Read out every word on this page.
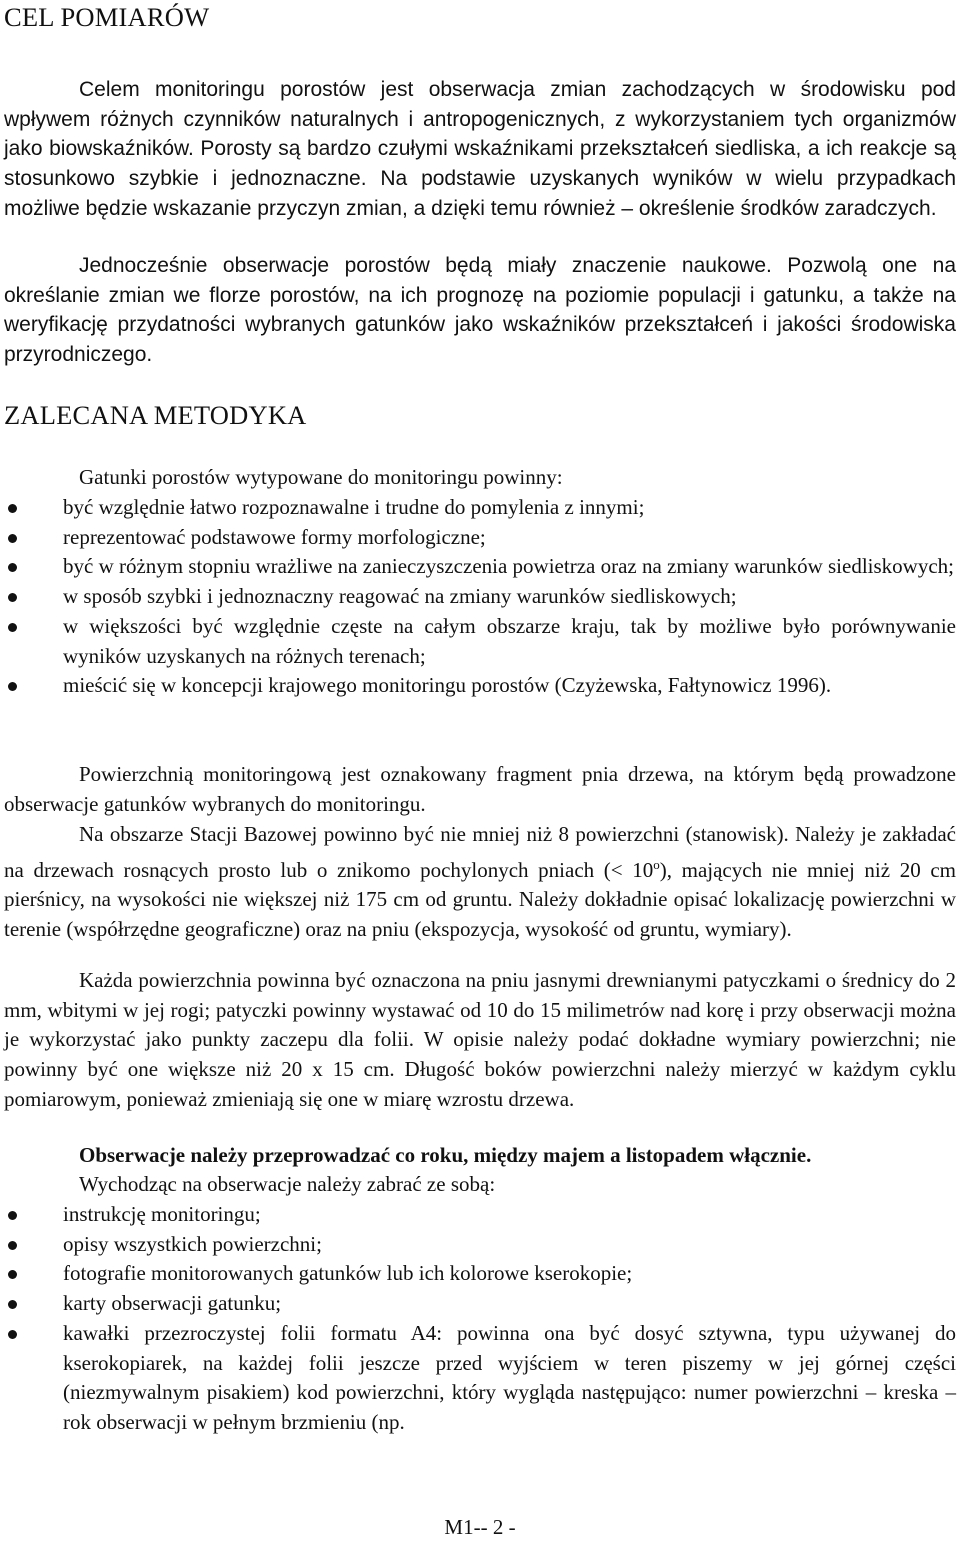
CEL POMIARÓW

Celem monitoringu porostów jest obserwacja zmian zachodzących w środowisku pod wpływem różnych czynników naturalnych i antropogenicznych, z wykorzystaniem tych organizmów jako biowskaźników. Porosty są bardzo czułymi wskaźnikami przekształceń siedliska, a ich reakcje są stosunkowo szybkie i jednoznaczne. Na podstawie uzyskanych wyników w wielu przypadkach możliwe będzie wskazanie przyczyn zmian, a dzięki temu również – określenie środków zaradczych.

Jednocześnie obserwacje porostów będą miały znaczenie naukowe. Pozwolą one na określanie zmian we florze porostów, na ich prognozę na poziomie populacji i gatunku, a także na weryfikację przydatności wybranych gatunków jako wskaźników przekształceń i jakości środowiska przyrodniczego.

ZALECANA METODYKA

Gatunki porostów wytypowane do monitoringu powinny:

być względnie łatwo rozpoznawalne i trudne do pomylenia z innymi;
reprezentować podstawowe formy morfologiczne;
być w różnym stopniu wrażliwe na zanieczyszczenia powietrza oraz na zmiany warunków siedliskowych;
w sposób szybki i jednoznaczny reagować na zmiany warunków siedliskowych;
w większości być względnie częste na całym obszarze kraju, tak by możliwe było porównywanie wyników uzyskanych na różnych terenach;
mieścić się w koncepcji krajowego monitoringu porostów (Czyżewska, Fałtynowicz 1996).

Powierzchnią monitoringową jest oznakowany fragment pnia drzewa, na którym będą prowadzone obserwacje gatunków wybranych do monitoringu.

Na obszarze Stacji Bazowej powinno być nie mniej niż 8 powierzchni (stanowisk). Należy je zakładać na drzewach rosnących prosto lub o znikomo pochylonych pniach (< $10^o$), mających nie mniej niż 20 cm pierśnicy, na wysokości nie większej niż 175 cm od gruntu. Należy dokładnie opisać lokalizację powierzchni w terenie (współrzędne geograficzne) oraz na pniu (ekspozycja, wysokość od gruntu, wymiary).

Każda powierzchnia powinna być oznaczona na pniu jasnymi drewnianymi patyczkami o średnicy do 2 mm, wbitymi w jej rogi; patyczki powinny wystawać od 10 do 15 milimetrów nad korę i przy obserwacji można je wykorzystać jako punkty zaczepu dla folii. W opisie należy podać dokładne wymiary powierzchni; nie powinny być one większe niż 20 x 15 cm. Długość boków powierzchni należy mierzyć w każdym cyklu pomiarowym, ponieważ zmieniają się one w miarę wzrostu drzewa.

Obserwacje należy przeprowadzać co roku, między majem a listopadem włącznie.

Wychodząc na obserwacje należy zabrać ze sobą:

instrukcję monitoringu;
opisy wszystkich powierzchni;
fotografie monitorowanych gatunków lub ich kolorowe kserokopie;
karty obserwacji gatunku;
kawałki przezroczystej folii formatu A4: powinna ona być dosyć sztywna, typu używanej do kserokopiarek, na każdej folii jeszcze przed wyjściem w teren piszemy w jej górnej części (niezmywalnym pisakiem) kod powierzchni, który wygląda następująco: numer powierzchni – kreska – rok obserwacji w pełnym brzmieniu (np.
M1-- 2 -
